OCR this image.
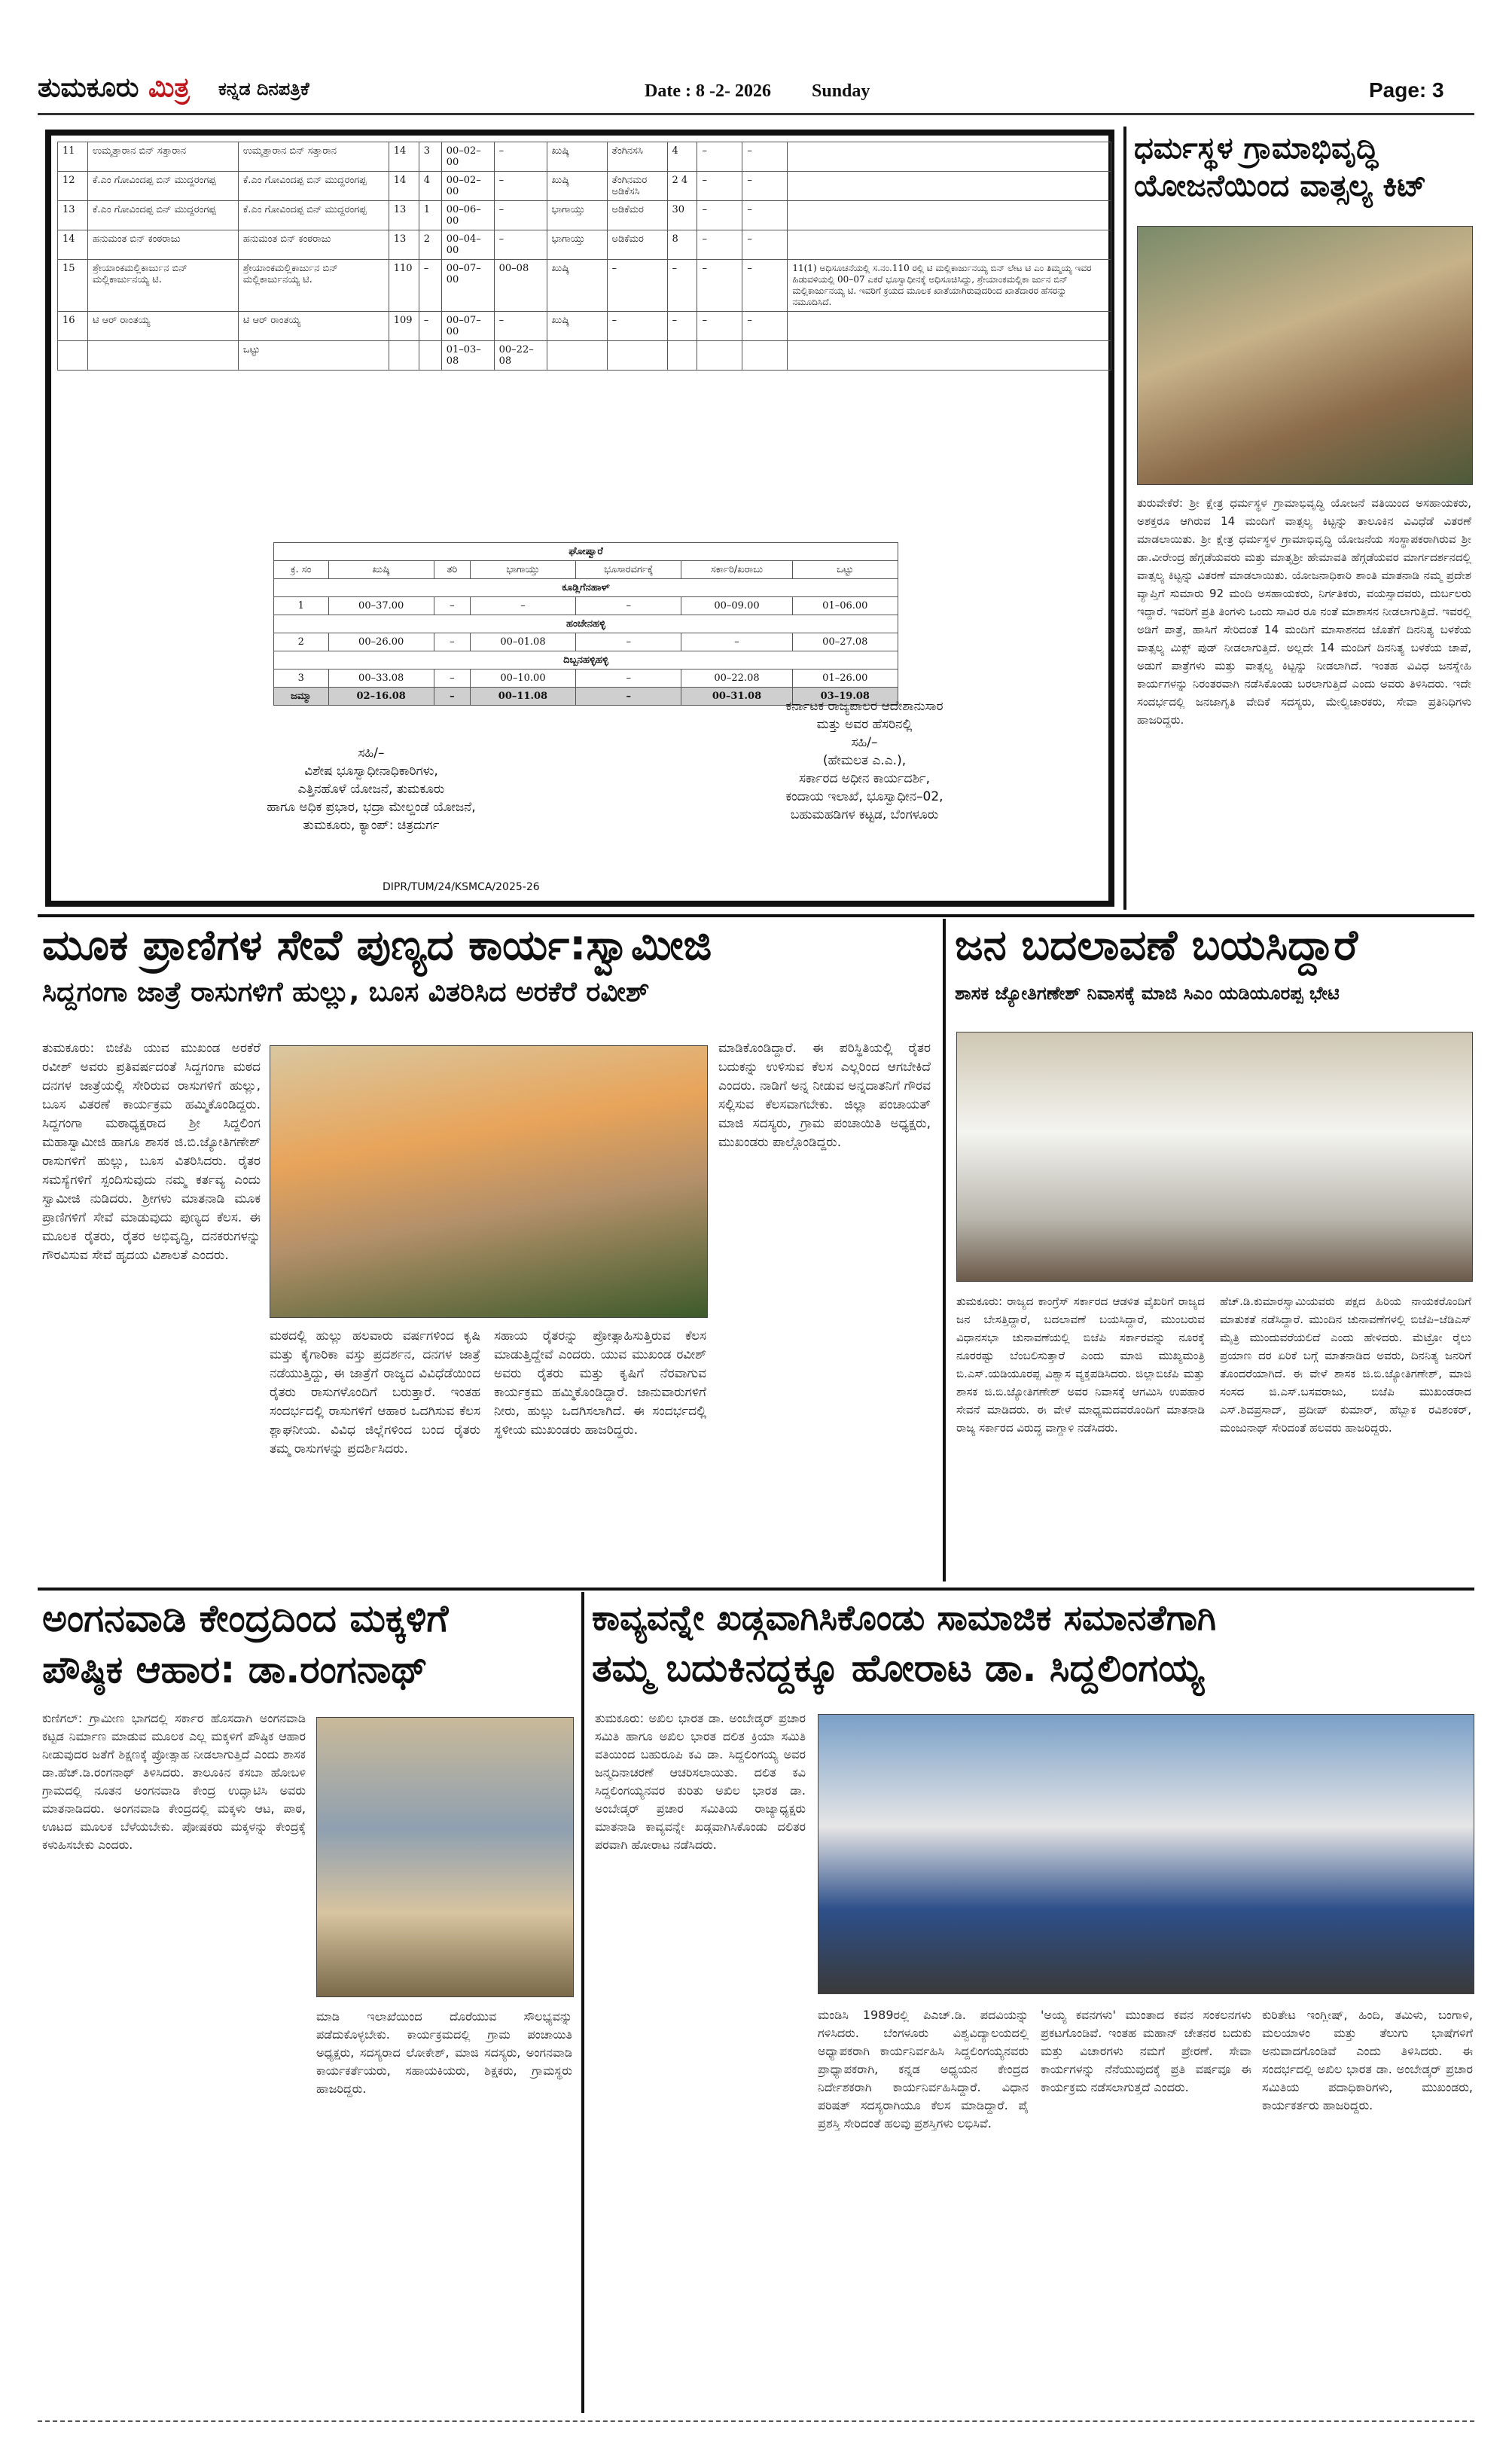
ತುಮಕೂರು ಮಿತ್ರ ಕನ್ನಡ ದಿನಪತ್ರಿಕೆ	Date : 8 -2- 2026 Sunday	Page: 3
11	ಉಮ್ಮತ್ತಾರಾನ ಬಿನ್ ಸತ್ತಾರಾನ	ಉಮ್ಮತ್ತಾರಾನ ಬಿನ್ ಸತ್ತಾರಾನ	14	3	00–02–00	–	ಖುಷ್ಕಿ	ತೆಂಗಿನಸಸಿ	4	–	–	
12	ಕೆ.ಎಂ ಗೋವಿಂದಪ್ಪ ಬಿನ್ ಮುದ್ದರಂಗಪ್ಪ	ಕೆ.ಎಂ ಗೋವಿಂದಪ್ಪ ಬಿನ್ ಮುದ್ದರಂಗಪ್ಪ	14	4	00–02–00	–	ಖುಷ್ಕಿ	ತೆಂಗಿನಮರ ಅಡಿಕೆಸಸಿ	2 4	–	–	
13	ಕೆ.ಎಂ ಗೋವಿಂದಪ್ಪ ಬಿನ್ ಮುದ್ದರಂಗಪ್ಪ	ಕೆ.ಎಂ ಗೋವಿಂದಪ್ಪ ಬಿನ್ ಮುದ್ದರಂಗಪ್ಪ	13	1	00–06–00	–	ಭಾಗಾಯ್ತು	ಅಡಿಕೆಮರ	30	–	–	
14	ಹನುಮಂತ ಬಿನ್ ಕಂಠರಾಜು	ಹನುಮಂತ ಬಿನ್ ಕಂಠರಾಜು	13	2	00–04–00	–	ಭಾಗಾಯ್ತು	ಅಡಿಕೆಮರ	8	–	–	
15	ಶ್ರೇಯಾಂಕಮಲ್ಲಿಕಾರ್ಜುನ ಬಿನ್ ಮಲ್ಲಿಕಾರ್ಜುನಯ್ಯ ಟಿ.	ಶ್ರೇಯಾಂಕಮಲ್ಲಿಕಾರ್ಜುನ ಬಿನ್ ಮಲ್ಲಿಕಾರ್ಜುನಯ್ಯ ಟಿ.	110	–	00–07–00	00–08	ಖುಷ್ಕಿ	–	–	–	–	11(1) ಅಧಿಸೂಚನೆಯಲ್ಲಿ ಸ.ನಂ.110 ರಲ್ಲಿ ಟಿ ಮಲ್ಲಿಕಾರ್ಜುನಯ್ಯ ಬಿನ್ ಲೇಟ ಟಿ ಎಂ ತಿಮ್ಮಯ್ಯ ಇವರ ಹಿಡುವಳಿಯಲ್ಲಿ 00–07 ಎಕರೆ ಭೂಸ್ವಾಧೀನಕ್ಕೆ ಅಧಿಸೂಚಿಸಿದ್ದು, ಶ್ರೇಯಾಂಕಮಲ್ಲಿಕಾ ರ್ಜುನ ಬಿನ್ ಮಲ್ಲಿಕಾರ್ಜುನಯ್ಯ ಟಿ. ಇವರಿಗೆ ಕ್ರಯದ ಮೂಲಕ ಖಾತೆಯಾಗಿರುವುದರಿಂದ ಖಾತೆದಾರರ ಹೆಸರನ್ನು ನಮೂದಿಸಿದೆ.
16	ಟಿ ಆರ್ ರಾಂತಯ್ಯ	ಟಿ ಆರ್ ರಾಂತಯ್ಯ	109	–	00–07–00	–	ಖುಷ್ಕಿ	–	–	–	–	
		ಒಟ್ಟು			01–03–08	00–22–08						
ಘೋಷ್ವಾರೆ						
ಕ್ರ. ಸಂ	ಖುಷ್ಕಿ	ತರಿ	ಭಾಗಾಯ್ತು	ಭೂಸಾರವರ್ಗಕ್ಕೆ	ಸರ್ಕಾರಿ/ಖರಾಬು	ಒಟ್ಟು
ಕೂಡ್ಲಿಗೆನಹಾಳ್						
1	00–37.00	–	–	–	00–09.00	01–06.00
ಹಂಚೇನಹಳ್ಳಿ						
2	00–26.00	–	00–01.08	–	–	00–27.08
ದಿಬ್ಬನಹಳ್ಳಿಹಳ್ಳಿ						
3	00–33.08	–	00–10.00	–	00–22.08	01–26.00
ಜಮ್ಮಾ	02–16.08	–	00–11.08	–	00–31.08	03–19.08
ಸಹಿ/–
ವಿಶೇಷ ಭೂಸ್ವಾಧೀನಾಧಿಕಾರಿಗಳು,
ಎತ್ತಿನಹೊಳೆ ಯೋಜನೆ, ತುಮಕೂರು
ಹಾಗೂ ಅಧಿಕ ಪ್ರಭಾರ, ಭದ್ರಾ ಮೇಲ್ದಂಡೆ ಯೋಜನೆ,
ತುಮಕೂರು, ಕ್ಯಾಂಪ್: ಚಿತ್ರದುರ್ಗ
ಕರ್ನಾಟಕ ರಾಜ್ಯಪಾಲರ ಆದೇಶಾನುಸಾರ
ಮತ್ತು ಅವರ ಹೆಸರಿನಲ್ಲಿ
ಸಹಿ/–
(ಹೇಮಲತ ಎ.ಎ.),
ಸರ್ಕಾರದ ಅಧೀನ ಕಾರ್ಯದರ್ಶಿ,
ಕಂದಾಯ ಇಲಾಖೆ, ಭೂಸ್ವಾಧೀನ–02,
ಬಹುಮಹಡಿಗಳ ಕಟ್ಟಡ, ಬೆಂಗಳೂರು
DIPR/TUM/24/KSMCA/2025-26
ಧರ್ಮಸ್ಥಳ ಗ್ರಾಮಾಭಿವೃದ್ಧಿ ಯೋಜನೆಯಿಂದ ವಾತ್ಸಲ್ಯ ಕಿಟ್
ತುರುವೇಕೆರೆ: ಶ್ರೀ ಕ್ಷೇತ್ರ ಧರ್ಮಸ್ಥಳ ಗ್ರಾಮಾಭಿವೃದ್ಧಿ ಯೋಜನೆ ವತಿಯಿಂದ ಅಸಹಾಯಕರು, ಅಶಕ್ತರೂ ಆಗಿರುವ 14 ಮಂದಿಗೆ ವಾತ್ಸಲ್ಯ ಕಿಟ್ಟನ್ನು ತಾಲೂಕಿನ ವಿವಿಧೆಡೆ ವಿತರಣೆ ಮಾಡಲಾಯಿತು. ಶ್ರೀ ಕ್ಷೇತ್ರ ಧರ್ಮಸ್ಥಳ ಗ್ರಾಮಾಭಿವೃದ್ಧಿ ಯೋಜನೆಯ ಸಂಸ್ಥಾಪಕರಾಗಿರುವ ಶ್ರೀ ಡಾ.ವೀರೇಂದ್ರ ಹೆಗ್ಗಡೆಯವರು ಮತ್ತು ಮಾತೃಶ್ರೀ ಹೇಮಾವತಿ ಹೆಗ್ಗಡೆಯವರ ಮಾರ್ಗದರ್ಶನದಲ್ಲಿ ವಾತ್ಸಲ್ಯ ಕಿಟ್ಟನ್ನು ವಿತರಣೆ ಮಾಡಲಾಯಿತು. ಯೋಜನಾಧಿಕಾರಿ ಶಾಂತಿ ಮಾತನಾಡಿ ನಮ್ಮ ಪ್ರದೇಶ ವ್ಯಾಪ್ತಿಗೆ ಸುಮಾರು 92 ಮಂದಿ ಅಸಹಾಯಕರು, ನಿರ್ಗತಿಕರು, ವಯಸ್ಸಾದವರು, ದುರ್ಬಲರು ಇದ್ದಾರೆ. ಇವರಿಗೆ ಪ್ರತಿ ತಿಂಗಳು ಒಂದು ಸಾವಿರ ರೂ ನಂತೆ ಮಾಶಾಸನ ನೀಡಲಾಗುತ್ತಿದೆ. ಇವರಲ್ಲಿ ಅಡಿಗೆ ಪಾತ್ರೆ, ಹಾಸಿಗೆ ಸೇರಿದಂತೆ 14 ಮಂದಿಗೆ ಮಾಸಾಶನದ ಜೊತೆಗೆ ದಿನನಿತ್ಯ ಬಳಕೆಯ ವಾತ್ಸಲ್ಯ ಮಿಕ್ಸ್ ಪುಡ್ ನೀಡಲಾಗುತ್ತಿದೆ. ಅಲ್ಲದೇ 14 ಮಂದಿಗೆ ದಿನನಿತ್ಯ ಬಳಕೆಯ ಚಾಪೆ, ಅಡುಗೆ ಪಾತ್ರೆಗಳು ಮತ್ತು ವಾತ್ಸಲ್ಯ ಕಿಟ್ಟನ್ನು ನೀಡಲಾಗಿದೆ. ಇಂತಹ ವಿವಿಧ ಜನಸ್ನೇಹಿ ಕಾರ್ಯಗಳನ್ನು ನಿರಂತರವಾಗಿ ನಡೆಸಿಕೊಂಡು ಬರಲಾಗುತ್ತಿದೆ ಎಂದು ಅವರು ತಿಳಿಸಿದರು. ಇದೇ ಸಂದರ್ಭದಲ್ಲಿ ಜನಜಾಗೃತಿ ವೇದಿಕೆ ಸದಸ್ಯರು, ಮೇಲ್ವಿಚಾರಕರು, ಸೇವಾ ಪ್ರತಿನಿಧಿಗಳು ಹಾಜರಿದ್ದರು.
ಮೂಕ ಪ್ರಾಣಿಗಳ ಸೇವೆ ಪುಣ್ಯದ ಕಾರ್ಯ:ಸ್ವಾಮೀಜಿ
ಸಿದ್ದಗಂಗಾ ಜಾತ್ರೆ ರಾಸುಗಳಿಗೆ ಹುಲ್ಲು, ಬೂಸ ವಿತರಿಸಿದ ಅರಕೆರೆ ರವೀಶ್
ತುಮಕೂರು: ಬಿಜೆಪಿ ಯುವ ಮುಖಂಡ ಅರಕೆರೆ ರವೀಶ್ ಅವರು ಪ್ರತಿವರ್ಷದಂತೆ ಸಿದ್ದಗಂಗಾ ಮಠದ ದನಗಳ ಜಾತ್ರೆಯಲ್ಲಿ ಸೇರಿರುವ ರಾಸುಗಳಿಗೆ ಹುಲ್ಲು, ಬೂಸ ವಿತರಣೆ ಕಾರ್ಯಕ್ರಮ ಹಮ್ಮಿಕೊಂಡಿದ್ದರು. ಸಿದ್ದಗಂಗಾ ಮಠಾಧ್ಯಕ್ಷರಾದ ಶ್ರೀ ಸಿದ್ದಲಿಂಗ ಮಹಾಸ್ವಾಮೀಜಿ ಹಾಗೂ ಶಾಸಕ ಜಿ.ಬಿ.ಜ್ಯೋತಿಗಣೇಶ್ ರಾಸುಗಳಿಗೆ ಹುಲ್ಲು, ಬೂಸ ವಿತರಿಸಿದರು. ರೈತರ ಸಮಸ್ಯೆಗಳಿಗೆ ಸ್ಪಂದಿಸುವುದು ನಮ್ಮ ಕರ್ತವ್ಯ ಎಂದು ಸ್ವಾಮೀಜಿ ನುಡಿದರು. ಶ್ರೀಗಳು ಮಾತನಾಡಿ ಮೂಕ ಪ್ರಾಣಿಗಳಿಗೆ ಸೇವೆ ಮಾಡುವುದು ಪುಣ್ಯದ ಕೆಲಸ. ಈ ಮೂಲಕ ರೈತರು, ರೈತರ ಅಭಿವೃದ್ಧಿ, ದನಕರುಗಳನ್ನು ಗೌರವಿಸುವ ಸೇವೆ ಹೃದಯ ವಿಶಾಲತೆ ಎಂದರು.
ಮಠದಲ್ಲಿ ಹುಲ್ಲು ಹಲವಾರು ವರ್ಷಗಳಿಂದ ಕೃಷಿ ಮತ್ತು ಕೈಗಾರಿಕಾ ವಸ್ತು ಪ್ರದರ್ಶನ, ದನಗಳ ಜಾತ್ರೆ ನಡೆಯುತ್ತಿದ್ದು, ಈ ಜಾತ್ರೆಗೆ ರಾಜ್ಯದ ವಿವಿಧೆಡೆಯಿಂದ ರೈತರು ರಾಸುಗಳೊಂದಿಗೆ ಬರುತ್ತಾರೆ. ಇಂತಹ ಸಂದರ್ಭದಲ್ಲಿ ರಾಸುಗಳಿಗೆ ಆಹಾರ ಒದಗಿಸುವ ಕೆಲಸ ಶ್ಲಾಘನೀಯ. ವಿವಿಧ ಜಿಲ್ಲೆಗಳಿಂದ ಬಂದ ರೈತರು ತಮ್ಮ ರಾಸುಗಳನ್ನು ಪ್ರದರ್ಶಿಸಿದರು.
ಸಹಾಯ ರೈತರನ್ನು ಪ್ರೋತ್ಸಾಹಿಸುತ್ತಿರುವ ಕೆಲಸ ಮಾಡುತ್ತಿದ್ದೇವೆ ಎಂದರು. ಯುವ ಮುಖಂಡ ರವೀಶ್ ಅವರು ರೈತರು ಮತ್ತು ಕೃಷಿಗೆ ನೆರವಾಗುವ ಕಾರ್ಯಕ್ರಮ ಹಮ್ಮಿಕೊಂಡಿದ್ದಾರೆ. ಜಾನುವಾರುಗಳಿಗೆ ನೀರು, ಹುಲ್ಲು ಒದಗಿಸಲಾಗಿದೆ. ಈ ಸಂದರ್ಭದಲ್ಲಿ ಸ್ಥಳೀಯ ಮುಖಂಡರು ಹಾಜರಿದ್ದರು.
ಮಾಡಿಕೊಂಡಿದ್ದಾರೆ. ಈ ಪರಿಸ್ಥಿತಿಯಲ್ಲಿ ರೈತರ ಬದುಕನ್ನು ಉಳಿಸುವ ಕೆಲಸ ಎಲ್ಲರಿಂದ ಆಗಬೇಕಿದೆ ಎಂದರು. ನಾಡಿಗೆ ಅನ್ನ ನೀಡುವ ಅನ್ನದಾತನಿಗೆ ಗೌರವ ಸಲ್ಲಿಸುವ ಕೆಲಸವಾಗಬೇಕು. ಜಿಲ್ಲಾ ಪಂಚಾಯತ್ ಮಾಜಿ ಸದಸ್ಯರು, ಗ್ರಾಮ ಪಂಚಾಯಿತಿ ಅಧ್ಯಕ್ಷರು, ಮುಖಂಡರು ಪಾಲ್ಗೊಂಡಿದ್ದರು.
ಜನ ಬದಲಾವಣೆ ಬಯಸಿದ್ದಾರೆ
ಶಾಸಕ ಜ್ಯೋತಿಗಣೇಶ್ ನಿವಾಸಕ್ಕೆ ಮಾಜಿ ಸಿಎಂ ಯಡಿಯೂರಪ್ಪ ಭೇಟಿ
ತುಮಕೂರು: ರಾಜ್ಯದ ಕಾಂಗ್ರೆಸ್ ಸರ್ಕಾರದ ಆಡಳಿತ ವೈಖರಿಗೆ ರಾಜ್ಯದ ಜನ ಬೇಸತ್ತಿದ್ದಾರೆ, ಬದಲಾವಣೆ ಬಯಸಿದ್ದಾರೆ, ಮುಂಬರುವ ವಿಧಾನಸಭಾ ಚುನಾವಣೆಯಲ್ಲಿ ಬಿಜೆಪಿ ಸರ್ಕಾರವನ್ನು ನೂರಕ್ಕೆ ನೂರರಷ್ಟು ಬೆಂಬಲಿಸುತ್ತಾರೆ ಎಂದು ಮಾಜಿ ಮುಖ್ಯಮಂತ್ರಿ ಬಿ.ಎಸ್.ಯಡಿಯೂರಪ್ಪ ವಿಶ್ವಾಸ ವ್ಯಕ್ತಪಡಿಸಿದರು. ಜಿಲ್ಲಾಬಿಜೆಪಿ ಮತ್ತು ಶಾಸಕ ಜಿ.ಬಿ.ಜ್ಯೋತಿಗಣೇಶ್ ಅವರ ನಿವಾಸಕ್ಕೆ ಆಗಮಿಸಿ ಉಪಹಾರ ಸೇವನೆ ಮಾಡಿದರು. ಈ ವೇಳೆ ಮಾಧ್ಯಮದವರೊಂದಿಗೆ ಮಾತನಾಡಿ ರಾಜ್ಯ ಸರ್ಕಾರದ ವಿರುದ್ಧ ವಾಗ್ದಾಳಿ ನಡೆಸಿದರು.
ಹೆಚ್.ಡಿ.ಕುಮಾರಸ್ವಾಮಿಯವರು ಪಕ್ಷದ ಹಿರಿಯ ನಾಯಕರೊಂದಿಗೆ ಮಾತುಕತೆ ನಡೆಸಿದ್ದಾರೆ. ಮುಂದಿನ ಚುನಾವಣೆಗಳಲ್ಲಿ ಬಿಜೆಪಿ–ಜೆಡಿಎಸ್ ಮೈತ್ರಿ ಮುಂದುವರೆಯಲಿದೆ ಎಂದು ಹೇಳಿದರು. ಮೆಟ್ರೋ ರೈಲು ಪ್ರಯಾಣ ದರ ಏರಿಕೆ ಬಗ್ಗೆ ಮಾತನಾಡಿದ ಅವರು, ದಿನನಿತ್ಯ ಜನರಿಗೆ ತೊಂದರೆಯಾಗಿದೆ. ಈ ವೇಳೆ ಶಾಸಕ ಜಿ.ಬಿ.ಜ್ಯೋತಿಗಣೇಶ್, ಮಾಜಿ ಸಂಸದ ಜಿ.ಎಸ್.ಬಸವರಾಜು, ಬಿಜೆಪಿ ಮುಖಂಡರಾದ ಎಸ್.ಶಿವಪ್ರಸಾದ್, ಪ್ರದೀಪ್ ಕುಮಾರ್, ಹೆಬ್ಬಾಕ ರವಿಶಂಕರ್, ಮಂಜುನಾಥ್ ಸೇರಿದಂತೆ ಹಲವರು ಹಾಜರಿದ್ದರು.
ಅಂಗನವಾಡಿ ಕೇಂದ್ರದಿಂದ ಮಕ್ಕಳಿಗೆ
ಪೌಷ್ಠಿಕ ಆಹಾರ: ಡಾ.ರಂಗನಾಥ್
ಕುಣಿಗಲ್: ಗ್ರಾಮೀಣ ಭಾಗದಲ್ಲಿ ಸರ್ಕಾರ ಹೊಸದಾಗಿ ಅಂಗನವಾಡಿ ಕಟ್ಟಡ ನಿರ್ಮಾಣ ಮಾಡುವ ಮೂಲಕ ಎಲ್ಲ ಮಕ್ಕಳಿಗೆ ಪೌಷ್ಠಿಕ ಆಹಾರ ನೀಡುವುದರ ಜತೆಗೆ ಶಿಕ್ಷಣಕ್ಕೆ ಪ್ರೋತ್ಸಾಹ ನೀಡಲಾಗುತ್ತಿದೆ ಎಂದು ಶಾಸಕ ಡಾ.ಹೆಚ್.ಡಿ.ರಂಗನಾಥ್ ತಿಳಿಸಿದರು. ತಾಲೂಕಿನ ಕಸಬಾ ಹೋಬಳಿ ಗ್ರಾಮದಲ್ಲಿ ನೂತನ ಅಂಗನವಾಡಿ ಕೇಂದ್ರ ಉದ್ಘಾಟಿಸಿ ಅವರು ಮಾತನಾಡಿದರು. ಅಂಗನವಾಡಿ ಕೇಂದ್ರದಲ್ಲಿ ಮಕ್ಕಳು ಆಟ, ಪಾಠ, ಊಟದ ಮೂಲಕ ಬೆಳೆಯಬೇಕು. ಪೋಷಕರು ಮಕ್ಕಳನ್ನು ಕೇಂದ್ರಕ್ಕೆ ಕಳುಹಿಸಬೇಕು ಎಂದರು.
ಮಾಡಿ ಇಲಾಖೆಯಿಂದ ದೊರೆಯುವ ಸೌಲಭ್ಯವನ್ನು ಪಡೆದುಕೊಳ್ಳಬೇಕು. ಕಾರ್ಯಕ್ರಮದಲ್ಲಿ ಗ್ರಾಮ ಪಂಚಾಯಿತಿ ಅಧ್ಯಕ್ಷರು, ಸದಸ್ಯರಾದ ಲೋಕೇಶ್, ಮಾಜಿ ಸದಸ್ಯರು, ಅಂಗನವಾಡಿ ಕಾರ್ಯಕರ್ತೆಯರು, ಸಹಾಯಕಿಯರು, ಶಿಕ್ಷಕರು, ಗ್ರಾಮಸ್ಥರು ಹಾಜರಿದ್ದರು.
ಕಾವ್ಯವನ್ನೇ ಖಡ್ಗವಾಗಿಸಿಕೊಂಡು ಸಾಮಾಜಿಕ ಸಮಾನತೆಗಾಗಿ
ತಮ್ಮ ಬದುಕಿನದ್ದಕ್ಕೂ ಹೋರಾಟ ಡಾ. ಸಿದ್ದಲಿಂಗಯ್ಯ
ತುಮಕೂರು: ಅಖಿಲ ಭಾರತ ಡಾ. ಅಂಬೇಡ್ಕರ್ ಪ್ರಚಾರ ಸಮಿತಿ ಹಾಗೂ ಅಖಿಲ ಭಾರತ ದಲಿತ ಕ್ರಿಯಾ ಸಮಿತಿ ವತಿಯಿಂದ ಬಹುರೂಪಿ ಕವಿ ಡಾ. ಸಿದ್ದಲಿಂಗಯ್ಯ ಅವರ ಜನ್ಮದಿನಾಚರಣೆ ಆಚರಿಸಲಾಯಿತು. ದಲಿತ ಕವಿ ಸಿದ್ದಲಿಂಗಯ್ಯನವರ ಕುರಿತು ಅಖಿಲ ಭಾರತ ಡಾ. ಅಂಬೇಡ್ಕರ್ ಪ್ರಚಾರ ಸಮಿತಿಯ ರಾಜ್ಯಾಧ್ಯಕ್ಷರು ಮಾತನಾಡಿ ಕಾವ್ಯವನ್ನೇ ಖಡ್ಗವಾಗಿಸಿಕೊಂಡು ದಲಿತರ ಪರವಾಗಿ ಹೋರಾಟ ನಡೆಸಿದರು.
ಮಂಡಿಸಿ 1989ರಲ್ಲಿ ಪಿಎಚ್.ಡಿ. ಪದವಿಯನ್ನು ಗಳಿಸಿದರು. ಬೆಂಗಳೂರು ವಿಶ್ವವಿದ್ಯಾಲಯದಲ್ಲಿ ಅಧ್ಯಾಪಕರಾಗಿ ಕಾರ್ಯನಿರ್ವಹಿಸಿ ಸಿದ್ದಲಿಂಗಯ್ಯನವರು ಪ್ರಾಧ್ಯಾಪಕರಾಗಿ, ಕನ್ನಡ ಅಧ್ಯಯನ ಕೇಂದ್ರದ ನಿರ್ದೇಶಕರಾಗಿ ಕಾರ್ಯನಿರ್ವಹಿಸಿದ್ದಾರೆ. ವಿಧಾನ ಪರಿಷತ್ ಸದಸ್ಯರಾಗಿಯೂ ಕೆಲಸ ಮಾಡಿದ್ದಾರೆ. ಪೈ ಪ್ರಶಸ್ತಿ ಸೇರಿದಂತೆ ಹಲವು ಪ್ರಶಸ್ತಿಗಳು ಲಭಿಸಿವೆ.
'ಅಯ್ಯ ಕವನಗಳು' ಮುಂತಾದ ಕವನ ಸಂಕಲನಗಳು ಪ್ರಕಟಗೊಂಡಿವೆ. ಇಂತಹ ಮಹಾನ್ ಚೇತನರ ಬದುಕು ಮತ್ತು ವಿಚಾರಗಳು ನಮಗೆ ಪ್ರೇರಣೆ. ಸೇವಾ ಕಾರ್ಯಗಳನ್ನು ನೆನೆಯುವುದಕ್ಕೆ ಪ್ರತಿ ವರ್ಷವೂ ಈ ಕಾರ್ಯಕ್ರಮ ನಡೆಸಲಾಗುತ್ತದೆ ಎಂದರು.
ಕುರಿತೇಟ ಇಂಗ್ಲೀಷ್, ಹಿಂದಿ, ತಮಿಳು, ಬಂಗಾಳಿ, ಮಲಯಾಳಂ ಮತ್ತು ತೆಲುಗು ಭಾಷೆಗಳಿಗೆ ಅನುವಾದಗೊಂಡಿವೆ ಎಂದು ತಿಳಿಸಿದರು. ಈ ಸಂದರ್ಭದಲ್ಲಿ ಅಖಿಲ ಭಾರತ ಡಾ. ಅಂಬೇಡ್ಕರ್ ಪ್ರಚಾರ ಸಮಿತಿಯ ಪದಾಧಿಕಾರಿಗಳು, ಮುಖಂಡರು, ಕಾರ್ಯಕರ್ತರು ಹಾಜರಿದ್ದರು.
